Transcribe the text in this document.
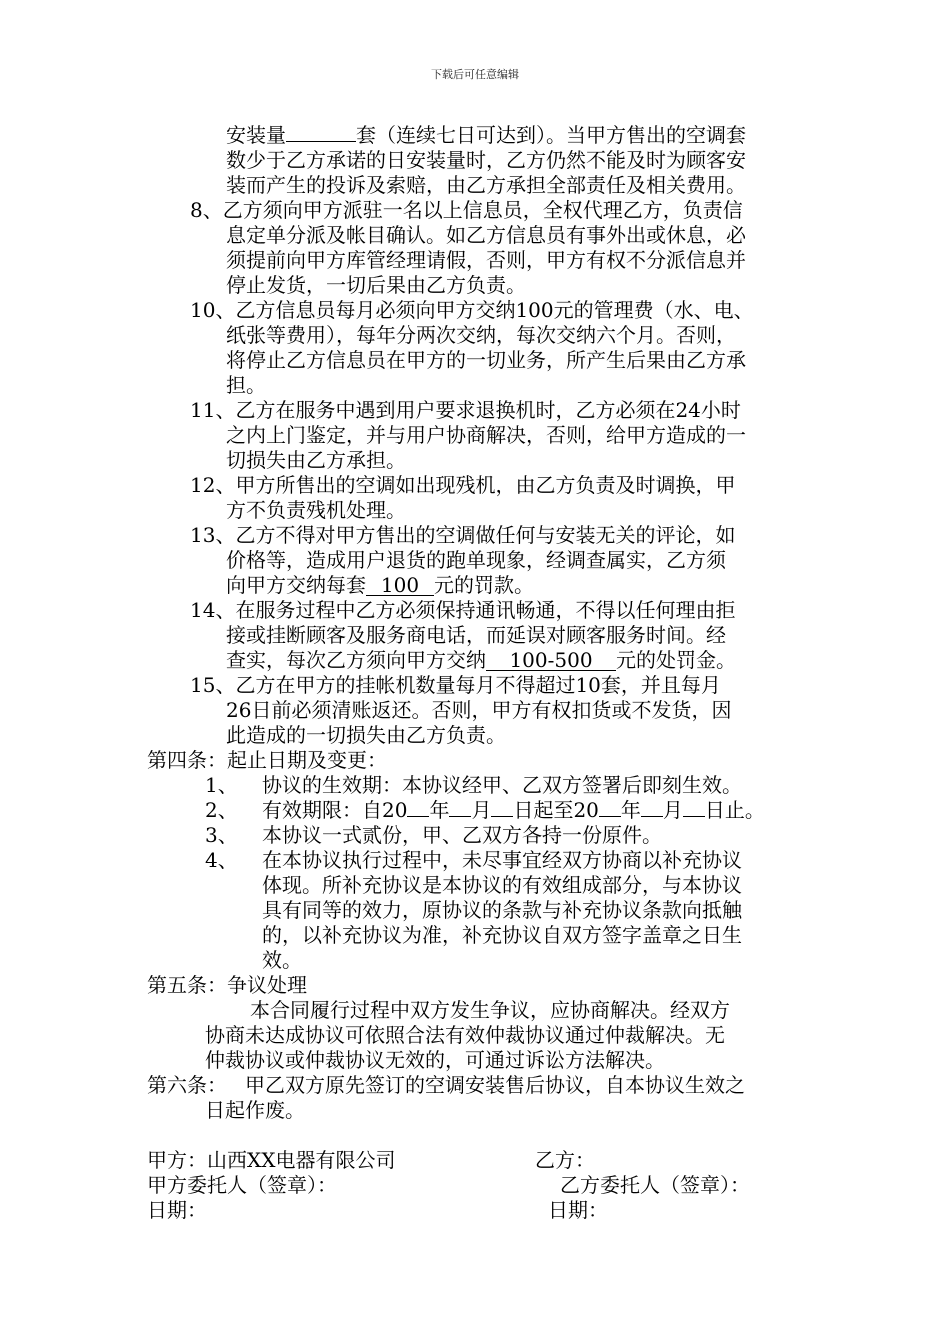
下载后可任意编辑
安装量	套（连续七日可达到）。当甲方售出的空调套
数少于乙方承诺的日安装量时，乙方仍然不能及时为顾客安
装而产生的投诉及索赔，由乙方承担全部责任及相关费用。
8、乙方须向甲方派驻一名以上信息员，全权代理乙方，负责信
息定单分派及帐目确认。如乙方信息员有事外出或休息，必
须提前向甲方库管经理请假，否则，甲方有权不分派信息并
停止发货，一切后果由乙方负责。
10、乙方信息员每月必须向甲方交纳100元的管理费（水、电、
纸张等费用），每年分两次交纳，每次交纳六个月。否则，
将停止乙方信息员在甲方的一切业务，所产生后果由乙方承
担。
11、乙方在服务中遇到用户要求退换机时，乙方必须在24小时
之内上门鉴定，并与用户协商解决，否则，给甲方造成的一
切损失由乙方承担。
12、甲方所售出的空调如出现残机，由乙方负责及时调换，甲
方不负责残机处理。
13、乙方不得对甲方售出的空调做任何与安装无关的评论，如
价格等，造成用户退货的跑单现象，经调查属实，乙方须
向甲方交纳每套 100 元的罚款。
14、在服务过程中乙方必须保持通讯畅通，不得以任何理由拒
接或挂断顾客及服务商电话，而延误对顾客服务时间。经
查实，每次乙方须向甲方交纳 100-500 元的处罚金。
15、乙方在甲方的挂帐机数量每月不得超过10套，并且每月
26日前必须清账返还。否则，甲方有权扣货或不发货，因
此造成的一切损失由乙方负责。
第四条：起止日期及变更：
1、 协议的生效期：本协议经甲、乙双方签署后即刻生效。
2、 有效期限：自20 年 月 日起至20 年 月 日止。
3、 本协议一式贰份，甲、乙双方各持一份原件。
4、 在本协议执行过程中，未尽事宜经双方协商以补充协议
体现。所补充协议是本协议的有效组成部分，与本协议
具有同等的效力，原协议的条款与补充协议条款向抵触
的，以补充协议为准，补充协议自双方签字盖章之日生
效。
第五条：争议处理
本合同履行过程中双方发生争议，应协商解决。经双方
协商未达成协议可依照合法有效仲裁协议通过仲裁解决。无
仲裁协议或仲裁协议无效的，可通过诉讼方法解决。
第六条： 甲乙双方原先签订的空调安装售后协议，自本协议生效之
日起作废。
甲方：山西XX电器有限公司	乙方：
甲方委托人（签章）：	乙方委托人（签章）：
日期：	日期：
